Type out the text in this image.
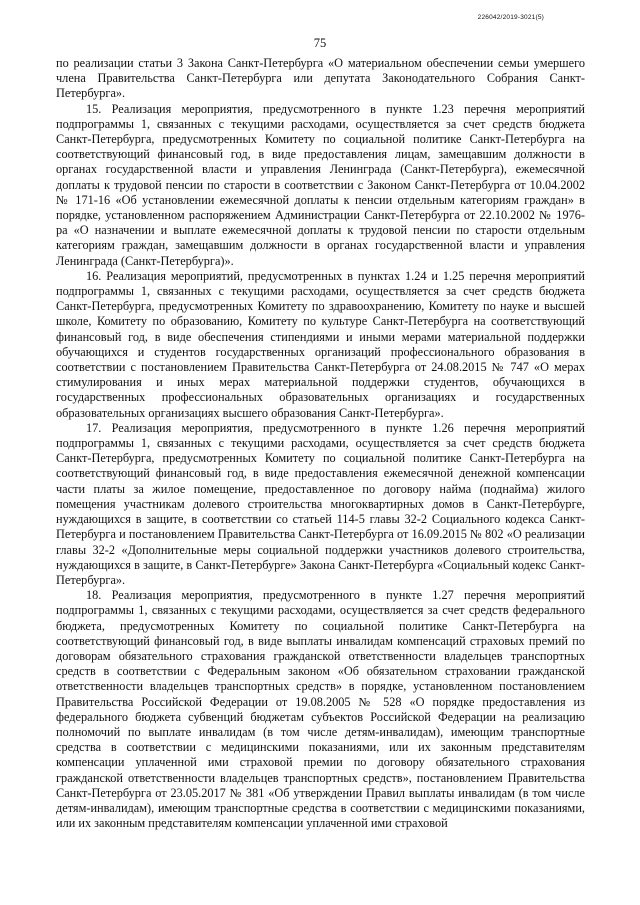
226042/2019-3021(5)
75

по реализации статьи 3 Закона Санкт-Петербурга «О материальном обеспечении семьи умершего члена Правительства Санкт-Петербурга или депутата Законодательного Собрания Санкт-Петербурга».

15. Реализация мероприятия, предусмотренного в пункте 1.23 перечня мероприятий подпрограммы 1, связанных с текущими расходами, осуществляется за счет средств бюджета Санкт-Петербурга, предусмотренных Комитету по социальной политике Санкт-Петербурга на соответствующий финансовый год, в виде предоставления лицам, замещавшим должности в органах государственной власти и управления Ленинграда (Санкт-Петербурга), ежемесячной доплаты к трудовой пенсии по старости в соответствии с Законом Санкт-Петербурга от 10.04.2002 № 171-16 «Об установлении ежемесячной доплаты к пенсии отдельным категориям граждан» в порядке, установленном распоряжением Администрации Санкт-Петербурга от 22.10.2002 № 1976-ра «О назначении и выплате ежемесячной доплаты к трудовой пенсии по старости отдельным категориям граждан, замещавшим должности в органах государственной власти и управления Ленинграда (Санкт-Петербурга)».

16. Реализация мероприятий, предусмотренных в пунктах 1.24 и 1.25 перечня мероприятий подпрограммы 1, связанных с текущими расходами, осуществляется за счет средств бюджета Санкт-Петербурга, предусмотренных Комитету по здравоохранению, Комитету по науке и высшей школе, Комитету по образованию, Комитету по культуре Санкт-Петербурга на соответствующий финансовый год, в виде обеспечения стипендиями и иными мерами материальной поддержки обучающихся и студентов государственных организаций профессионального образования в соответствии с постановлением Правительства Санкт-Петербурга от 24.08.2015 № 747 «О мерах стимулирования и иных мерах материальной поддержки студентов, обучающихся в государственных профессиональных образовательных организациях и государственных образовательных организациях высшего образования Санкт-Петербурга».

17. Реализация мероприятия, предусмотренного в пункте 1.26 перечня мероприятий подпрограммы 1, связанных с текущими расходами, осуществляется за счет средств бюджета Санкт-Петербурга, предусмотренных Комитету по социальной политике Санкт-Петербурга на соответствующий финансовый год, в виде предоставления ежемесячной денежной компенсации части платы за жилое помещение, предоставленное по договору найма (поднайма) жилого помещения участникам долевого строительства многоквартирных домов в Санкт-Петербурге, нуждающихся в защите, в соответствии со статьей 114-5 главы 32-2 Социального кодекса Санкт-Петербурга и постановлением Правительства Санкт-Петербурга от 16.09.2015 № 802 «О реализации главы 32-2 «Дополнительные меры социальной поддержки участников долевого строительства, нуждающихся в защите, в Санкт-Петербурге» Закона Санкт-Петербурга «Социальный кодекс Санкт-Петербурга».

18. Реализация мероприятия, предусмотренного в пункте 1.27 перечня мероприятий подпрограммы 1, связанных с текущими расходами, осуществляется за счет средств федерального бюджета, предусмотренных Комитету по социальной политике Санкт-Петербурга на соответствующий финансовый год, в виде выплаты инвалидам компенсаций страховых премий по договорам обязательного страхования гражданской ответственности владельцев транспортных средств в соответствии с Федеральным законом «Об обязательном страховании гражданской ответственности владельцев транспортных средств» в порядке, установленном постановлением Правительства Российской Федерации от 19.08.2005 № 528 «О порядке предоставления из федерального бюджета субвенций бюджетам субъектов Российской Федерации на реализацию полномочий по выплате инвалидам (в том числе детям-инвалидам), имеющим транспортные средства в соответствии с медицинскими показаниями, или их законным представителям компенсации уплаченной ими страховой премии по договору обязательного страхования гражданской ответственности владельцев транспортных средств», постановлением Правительства Санкт-Петербурга от 23.05.2017 № 381 «Об утверждении Правил выплаты инвалидам (в том числе детям-инвалидам), имеющим транспортные средства в соответствии с медицинскими показаниями, или их законным представителям компенсации уплаченной ими страховой
